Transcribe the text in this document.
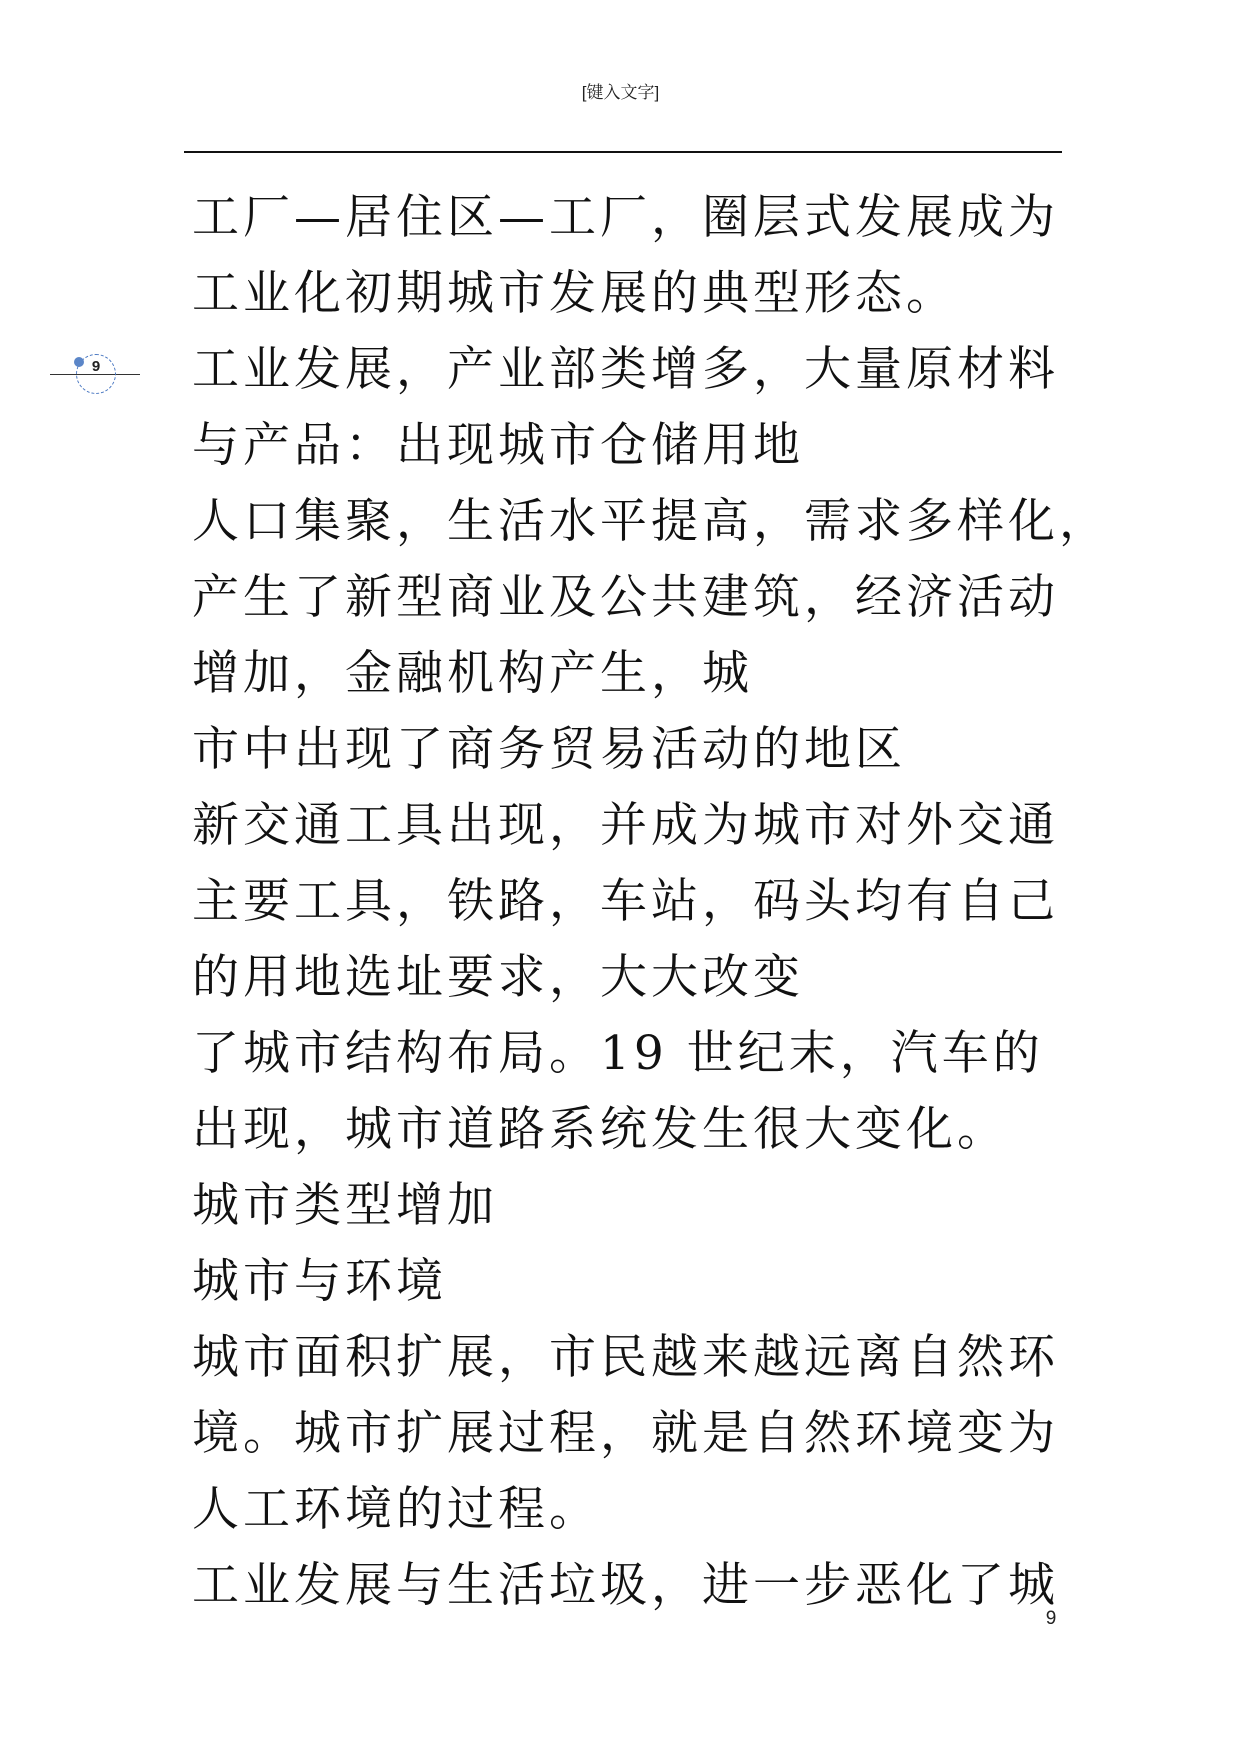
[键入文字]
9
工厂—居住区—工厂，圈层式发展成为
工业化初期城市发展的典型形态。
工业发展，产业部类增多，大量原材料
与产品：出现城市仓储用地
人口集聚，生活水平提高，需求多样化，
产生了新型商业及公共建筑，经济活动
增加，金融机构产生，城
市中出现了商务贸易活动的地区
新交通工具出现，并成为城市对外交通
主要工具，铁路，车站，码头均有自己
的用地选址要求，大大改变
了城市结构布局。19 世纪末，汽车的
出现，城市道路系统发生很大变化。
城市类型增加
城市与环境
城市面积扩展，市民越来越远离自然环
境。城市扩展过程，就是自然环境变为
人工环境的过程。
工业发展与生活垃圾，进一步恶化了城
9
